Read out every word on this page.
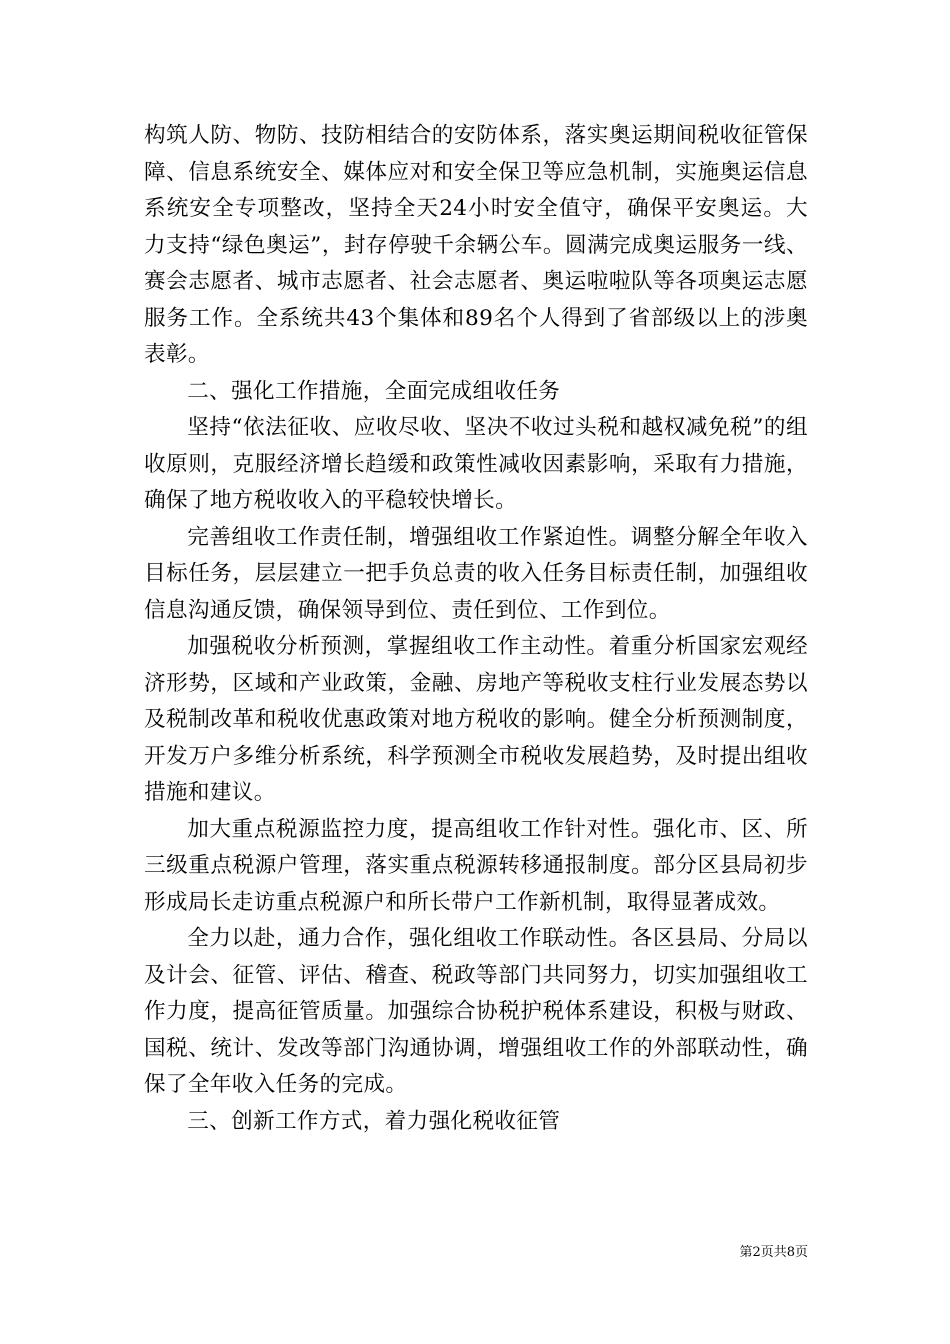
构筑人防、物防、技防相结合的安防体系，落实奥运期间税收征管保障、信息系统安全、媒体应对和安全保卫等应急机制，实施奥运信息系统安全专项整改，坚持全天24小时安全值守，确保平安奥运。大力支持“绿色奥运”，封存停驶千余辆公车。圆满完成奥运服务一线、赛会志愿者、城市志愿者、社会志愿者、奥运啦啦队等各项奥运志愿服务工作。全系统共43个集体和89名个人得到了省部级以上的涉奥表彰。

二、强化工作措施，全面完成组收任务

坚持“依法征收、应收尽收、坚决不收过头税和越权减免税”的组收原则，克服经济增长趋缓和政策性减收因素影响，采取有力措施，确保了地方税收收入的平稳较快增长。

完善组收工作责任制，增强组收工作紧迫性。调整分解全年收入目标任务，层层建立一把手负总责的收入任务目标责任制，加强组收信息沟通反馈，确保领导到位、责任到位、工作到位。

加强税收分析预测，掌握组收工作主动性。着重分析国家宏观经济形势，区域和产业政策，金融、房地产等税收支柱行业发展态势以及税制改革和税收优惠政策对地方税收的影响。健全分析预测制度，开发万户多维分析系统，科学预测全市税收发展趋势，及时提出组收措施和建议。

加大重点税源监控力度，提高组收工作针对性。强化市、区、所三级重点税源户管理，落实重点税源转移通报制度。部分区县局初步形成局长走访重点税源户和所长带户工作新机制，取得显著成效。

全力以赴，通力合作，强化组收工作联动性。各区县局、分局以及计会、征管、评估、稽查、税政等部门共同努力，切实加强组收工作力度，提高征管质量。加强综合协税护税体系建设，积极与财政、国税、统计、发改等部门沟通协调，增强组收工作的外部联动性，确保了全年收入任务的完成。

三、创新工作方式，着力强化税收征管

第2页共8页
